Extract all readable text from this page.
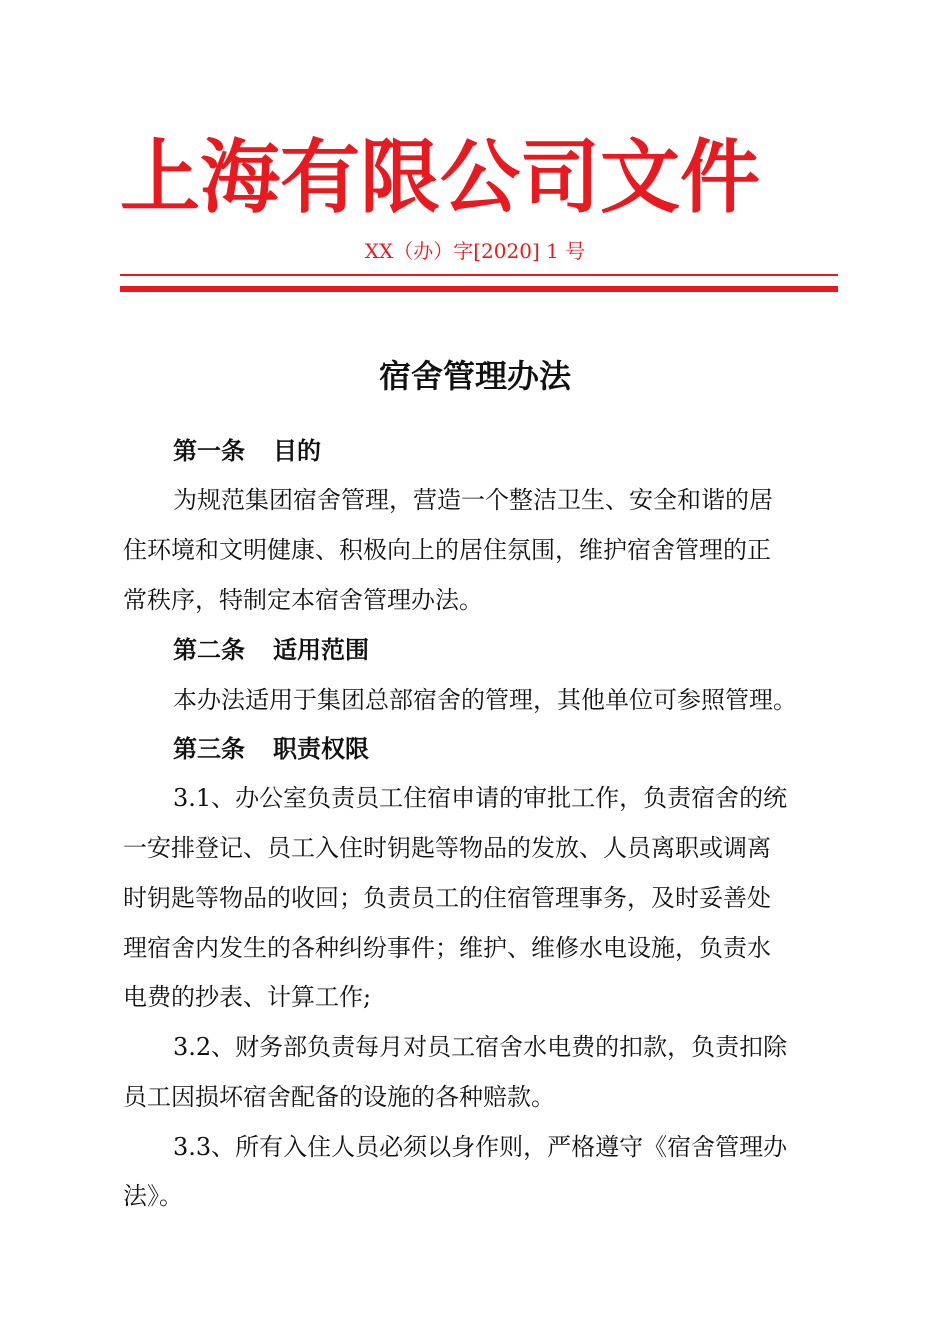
上海有限公司文件
XX（办）字[2020] 1 号
宿舍管理办法
第一条 目的
为规范集团宿舍管理，营造一个整洁卫生、安全和谐的居
住环境和文明健康、积极向上的居住氛围，维护宿舍管理的正
常秩序，特制定本宿舍管理办法。
第二条 适用范围
本办法适用于集团总部宿舍的管理，其他单位可参照管理。
第三条 职责权限
3.1、办公室负责员工住宿申请的审批工作，负责宿舍的统
一安排登记、员工入住时钥匙等物品的发放、人员离职或调离
时钥匙等物品的收回；负责员工的住宿管理事务，及时妥善处
理宿舍内发生的各种纠纷事件；维护、维修水电设施，负责水
电费的抄表、计算工作;
3.2、财务部负责每月对员工宿舍水电费的扣款，负责扣除
员工因损坏宿舍配备的设施的各种赔款。
3.3、所有入住人员必须以身作则，严格遵守《宿舍管理办
法》。
